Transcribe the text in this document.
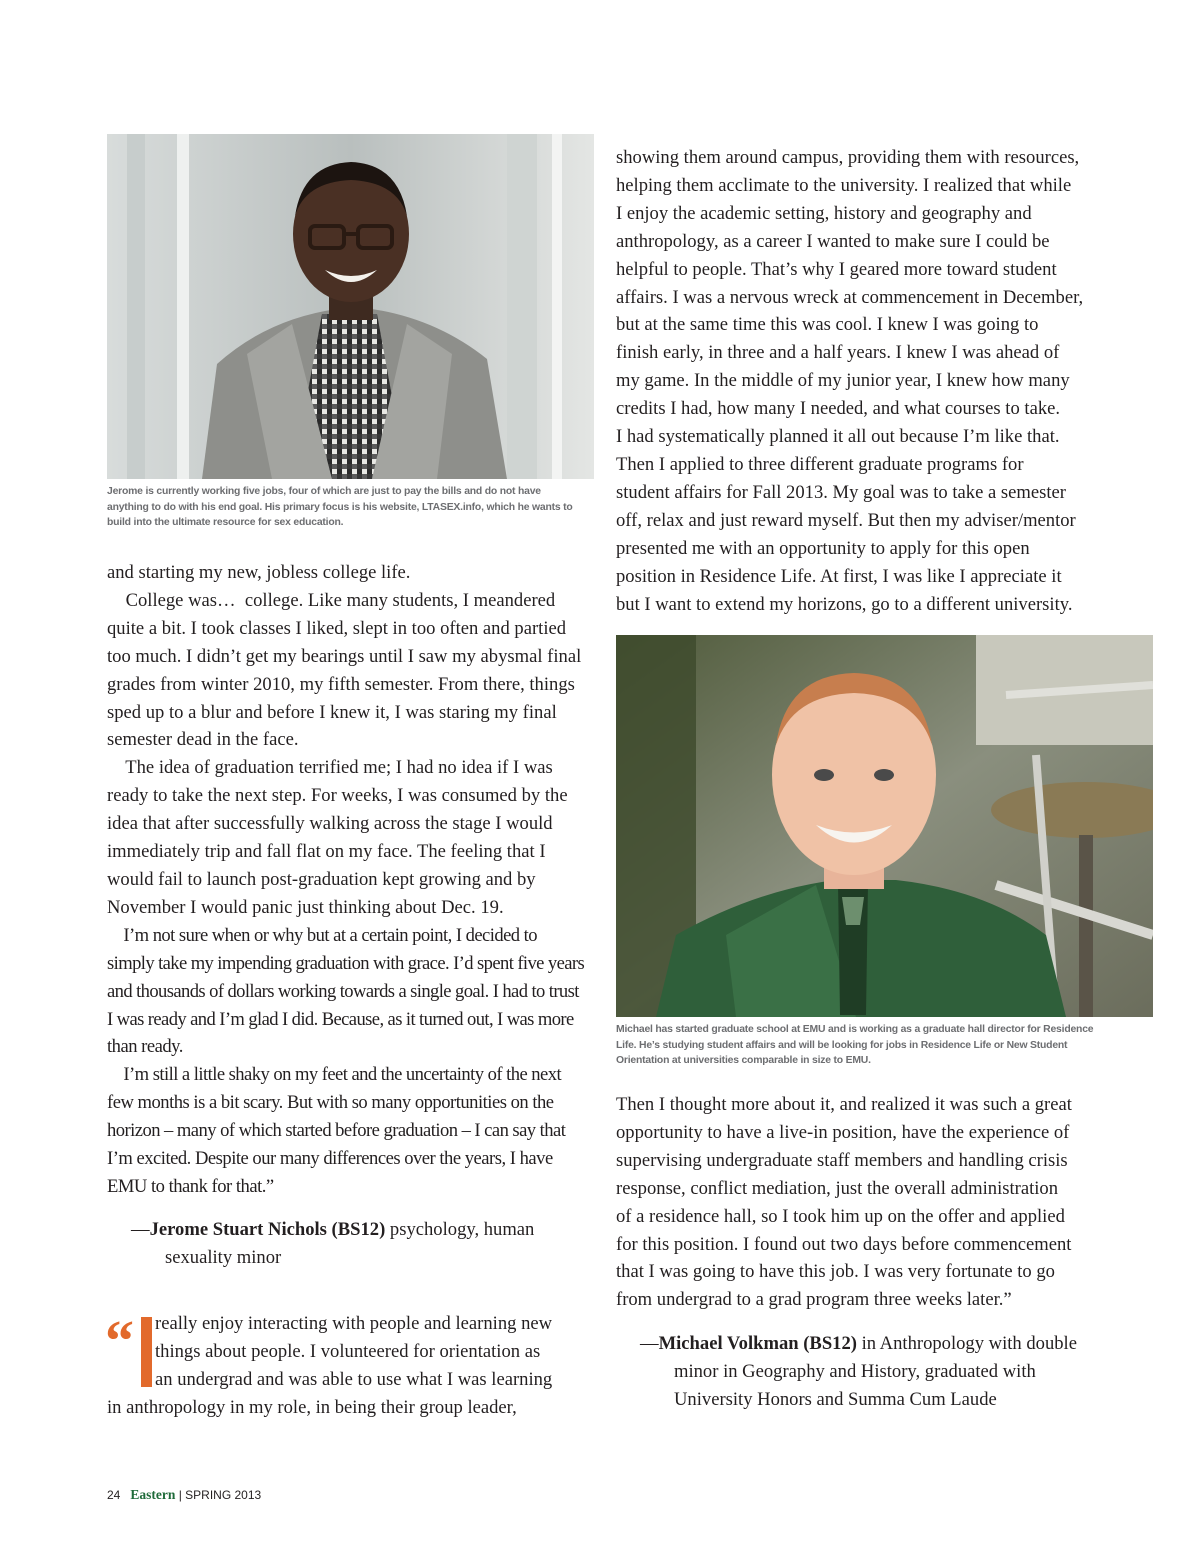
Jerome is currently working five jobs, four of which are just to pay the bills and do not have
anything to do with his end goal. His primary focus is his website, LTASEX.info, which he wants to
build into the ultimate resource for sex education.
and starting my new, jobless college life.
College was…  college. Like many students, I meandered
quite a bit. I took classes I liked, slept in too often and partied
too much. I didn’t get my bearings until I saw my abysmal final
grades from winter 2010, my fifth semester. From there, things
sped up to a blur and before I knew it, I was staring my final
semester dead in the face.
The idea of graduation terrified me; I had no idea if I was
ready to take the next step. For weeks, I was consumed by the
idea that after successfully walking across the stage I would
immediately trip and fall flat on my face. The feeling that I
would fail to launch post-graduation kept growing and by
November I would panic just thinking about Dec. 19.
I’m not sure when or why but at a certain point, I decided to
simply take my impending graduation with grace. I’d spent five years
and thousands of dollars working towards a single goal. I had to trust
I was ready and I’m glad I did. Because, as it turned out, I was more
than ready.
I’m still a little shaky on my feet and the uncertainty of the next
few months is a bit scary. But with so many opportunities on the
horizon – many of which started before graduation – I can say that
I’m excited. Despite our many differences over the years, I have
EMU to thank for that.”
—Jerome Stuart Nichols (BS12) psychology, human
sexuality minor
“	really enjoy interacting with people and learning new
things about people. I volunteered for orientation as
an undergrad and was able to use what I was learning
in anthropology in my role, in being their group leader,
showing them around campus, providing them with resources,
helping them acclimate to the university. I realized that while
I enjoy the academic setting, history and geography and
anthropology, as a career I wanted to make sure I could be
helpful to people. That’s why I geared more toward student
affairs. I was a nervous wreck at commencement in December,
but at the same time this was cool. I knew I was going to
finish early, in three and a half years. I knew I was ahead of
my game. In the middle of my junior year, I knew how many
credits I had, how many I needed, and what courses to take.
I had systematically planned it all out because I’m like that.
Then I applied to three different graduate programs for
student affairs for Fall 2013. My goal was to take a semester
off, relax and just reward myself. But then my adviser/mentor
presented me with an opportunity to apply for this open
position in Residence Life. At first, I was like I appreciate it
but I want to extend my horizons, go to a different university.
Michael has started graduate school at EMU and is working as a graduate hall director for Residence
Life. He’s studying student affairs and will be looking for jobs in Residence Life or New Student
Orientation at universities comparable in size to EMU.
Then I thought more about it, and realized it was such a great
opportunity to have a live-in position, have the experience of
supervising undergraduate staff members and handling crisis
response, conflict mediation, just the overall administration
of a residence hall, so I took him up on the offer and applied
for this position. I found out two days before commencement
that I was going to have this job. I was very fortunate to go
from undergrad to a grad program three weeks later.”
—Michael Volkman (BS12) in Anthropology with double
minor in Geography and History, graduated with
University Honors and Summa Cum Laude
24 Eastern | SPRING 2013
